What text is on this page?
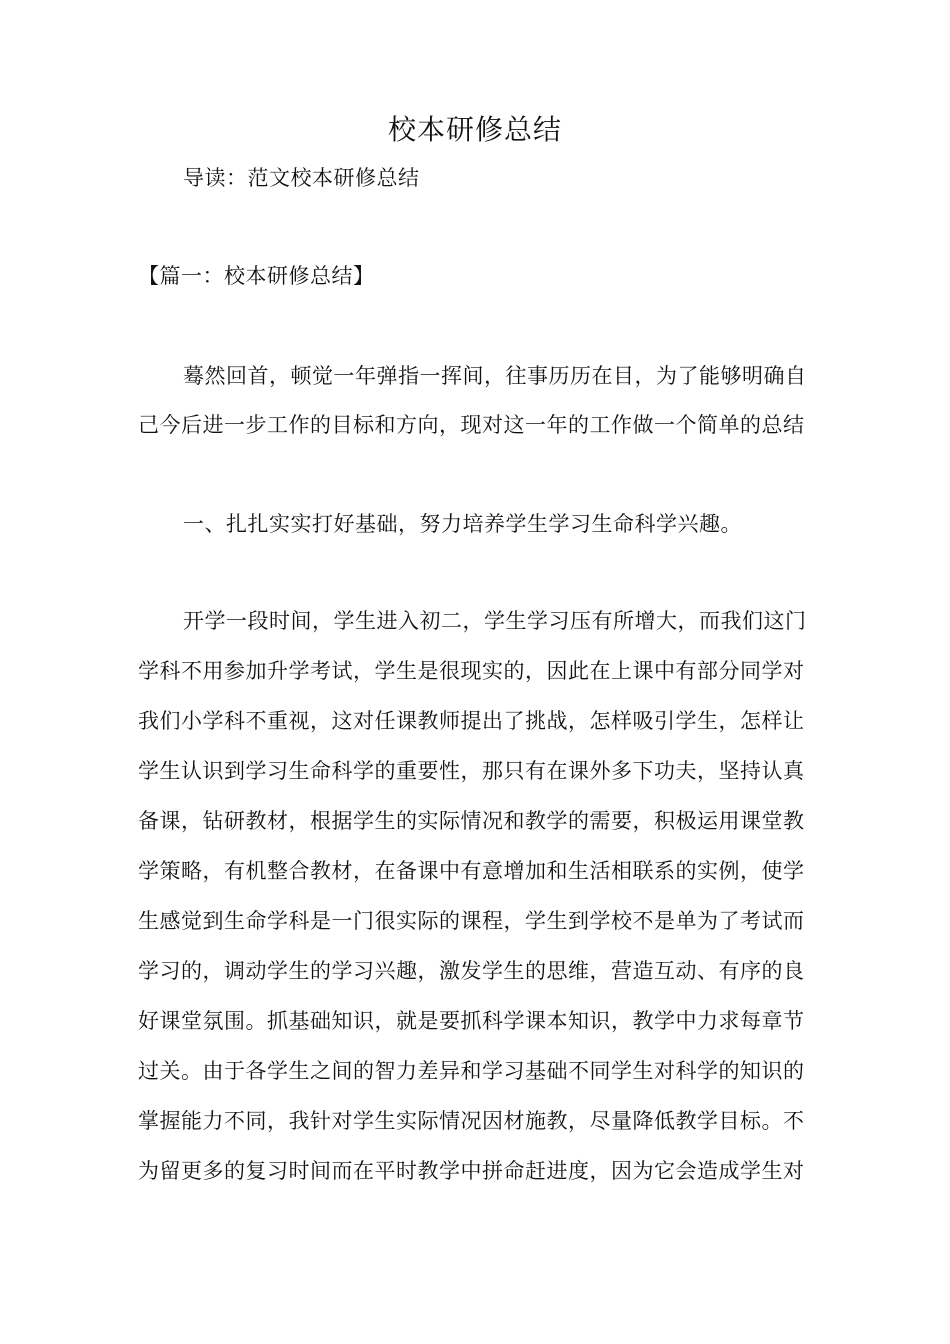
校本研修总结
导读：范文校本研修总结
【篇一：校本研修总结】
蓦然回首，顿觉一年弹指一挥间，往事历历在目，为了能够明确自
己今后进一步工作的目标和方向，现对这一年的工作做一个简单的总结
一、扎扎实实打好基础，努力培养学生学习生命科学兴趣。
开学一段时间，学生进入初二，学生学习压有所增大，而我们这门
学科不用参加升学考试，学生是很现实的，因此在上课中有部分同学对
我们小学科不重视，这对任课教师提出了挑战，怎样吸引学生，怎样让
学生认识到学习生命科学的重要性，那只有在课外多下功夫，坚持认真
备课，钻研教材，根据学生的实际情况和教学的需要，积极运用课堂教
学策略，有机整合教材，在备课中有意增加和生活相联系的实例，使学
生感觉到生命学科是一门很实际的课程，学生到学校不是单为了考试而
学习的，调动学生的学习兴趣，激发学生的思维，营造互动、有序的良
好课堂氛围。抓基础知识，就是要抓科学课本知识，教学中力求每章节
过关。由于各学生之间的智力差异和学习基础不同学生对科学的知识的
掌握能力不同，我针对学生实际情况因材施教，尽量降低教学目标。不
为留更多的复习时间而在平时教学中拼命赶进度，因为它会造成学生对
